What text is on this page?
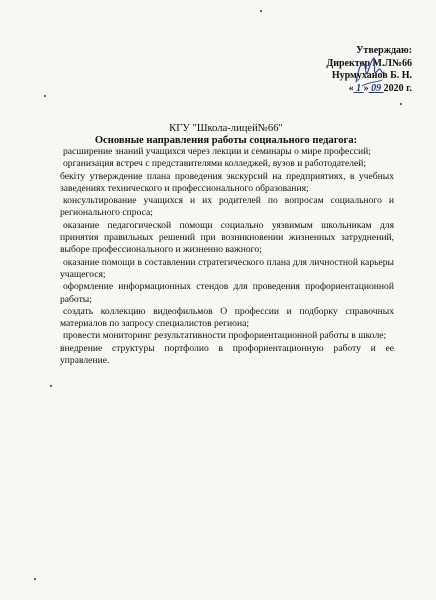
Утверждаю:
Директор М.Л№66
Нурмуханов Б. Н.
« 1 » 09 2020 г.
КГУ "Школа-лицей№66"
Основные направления работы социального педагога:

расширение знаний учащихся через лекции и семинары о мире профессий;

организация встреч с представителями колледжей, вузов и работодателей;

бекіту утверждение плана проведения экскурсий на предприятиях, в учебных заведениях технического и профессионального образования;

консультирование учащихся и их родителей по вопросам социального и регионального спроса;

оказание педагогической помощи социально уязвимым школьникам для принятия правильных решений при возникновении жизненных затруднений, выборе профессионального и жизненно важного;

оказание помощи в составлении стратегического плана для личностной карьеры учащегося;

оформление информационных стендов для проведения профориентационной работы;

создать коллекцию видеофильмов О профессии и подборку справочных материалов по запросу специалистов региона;

провести мониторинг результативности профориентационной работы в школе;

внедрение структуры портфолио в профориентационную работу и ее управление.
